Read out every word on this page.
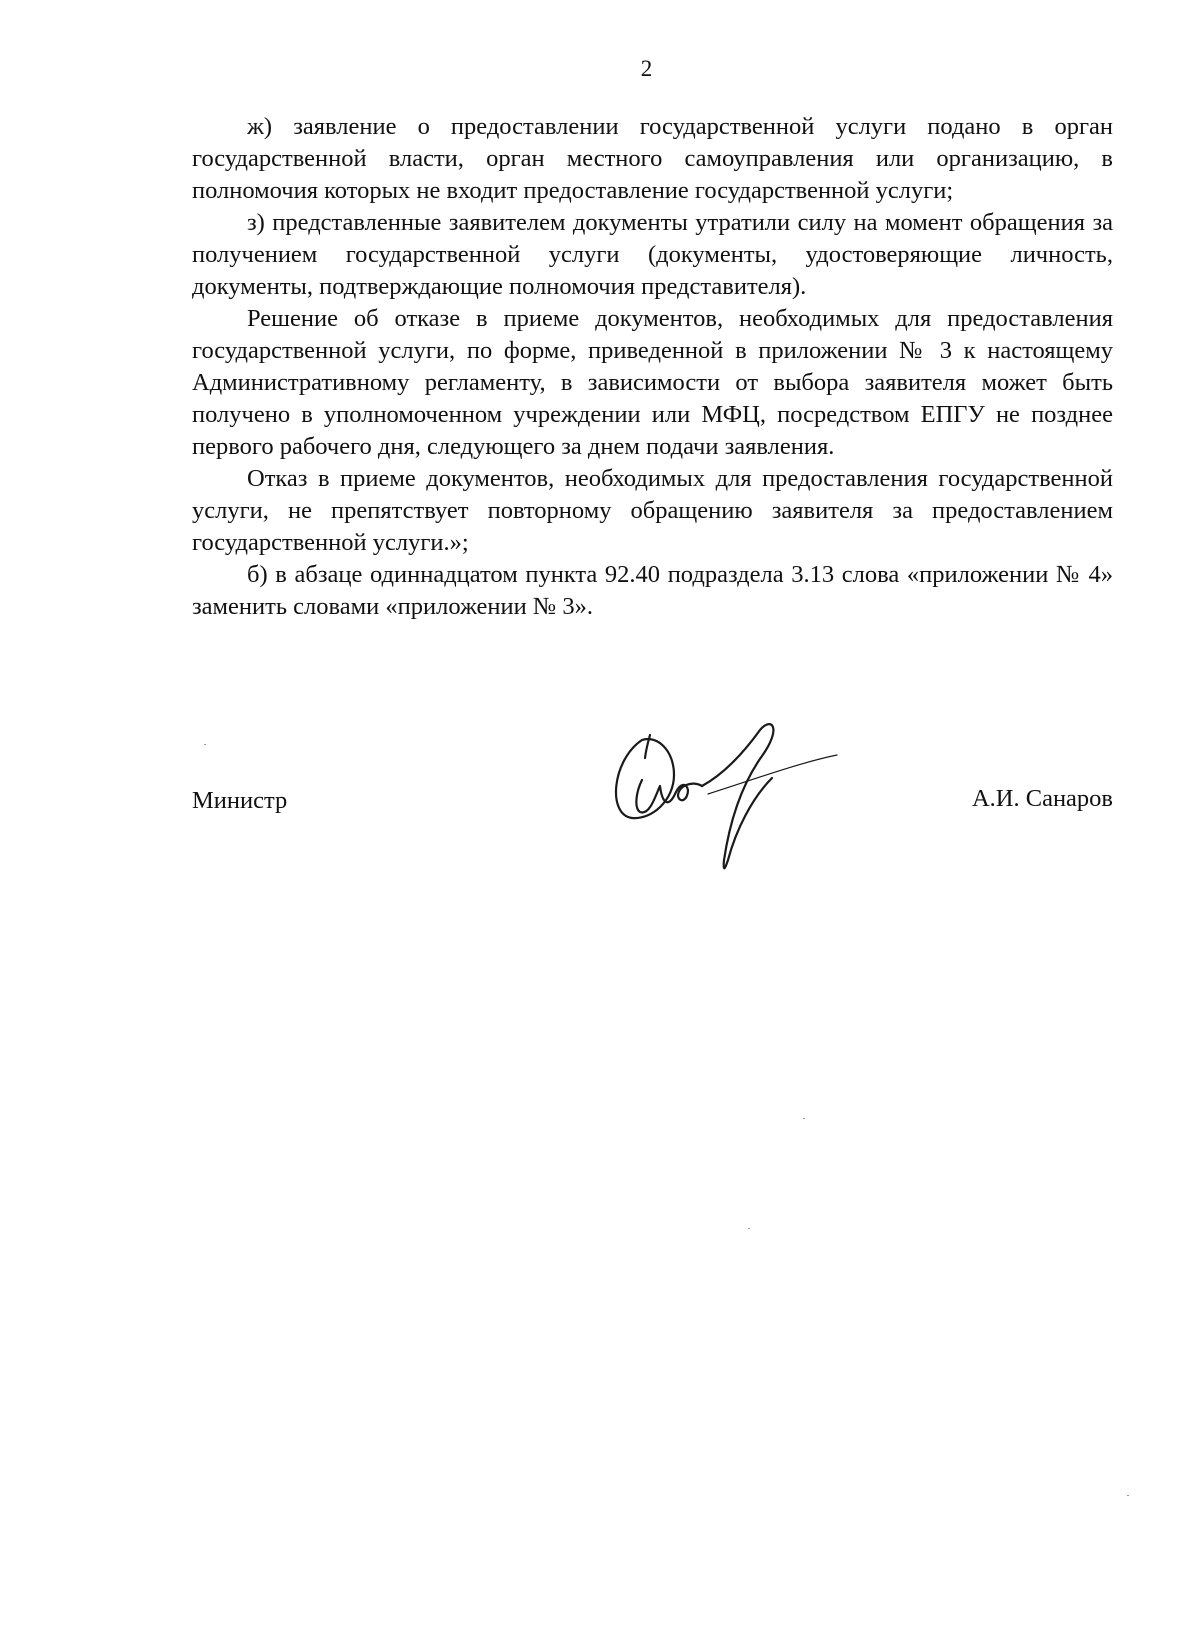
2

ж) заявление о предоставлении государственной услуги подано в орган государственной власти, орган местного самоуправления или организацию, в полномочия которых не входит предоставление государственной услуги;

з) представленные заявителем документы утратили силу на момент обращения за получением государственной услуги (документы, удостоверяющие личность, документы, подтверждающие полномочия представителя).

Решение об отказе в приеме документов, необходимых для предоставления государственной услуги, по форме, приведенной в приложении № 3 к настоящему Административному регламенту, в зависимости от выбора заявителя может быть получено в уполномоченном учреждении или МФЦ, посредством ЕПГУ не позднее первого рабочего дня, следующего за днем подачи заявления.

Отказ в приеме документов, необходимых для предоставления государственной услуги, не препятствует повторному обращению заявителя за предоставлением государственной услуги.»;

б) в абзаце одиннадцатом пункта 92.40 подраздела 3.13 слова «приложении № 4» заменить словами «приложении № 3».

Министр	А.И. Санаров
